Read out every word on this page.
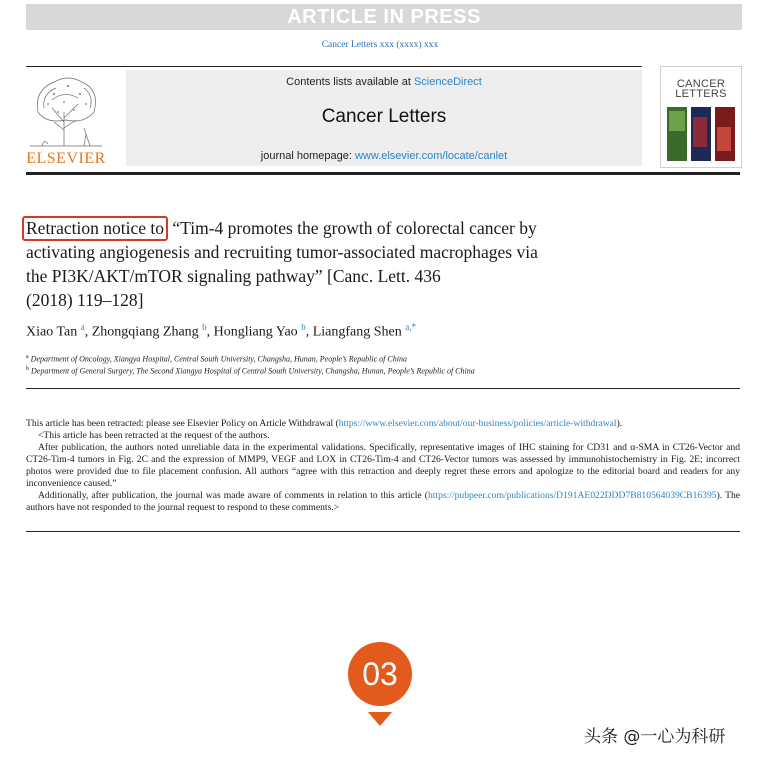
ARTICLE IN PRESS
Cancer Letters xxx (xxxx) xxx
ELSEVIER
Contents lists available at ScienceDirect
Cancer Letters
journal homepage: www.elsevier.com/locate/canlet
CANCER
LETTERS
Retraction notice to “Tim-4 promotes the growth of colorectal cancer by
activating angiogenesis and recruiting tumor-associated macrophages via
the PI3K/AKT/mTOR signaling pathway” [Canc. Lett. 436
(2018) 119–128]
Xiao Tan $^a$, Zhongqiang Zhang $^b$, Hongliang Yao $^b$, Liangfang Shen $^{a,*}$
$^a$ Department of Oncology, Xiangya Hospital, Central South University, Changsha, Hunan, People’s Republic of China
$^b$ Department of General Surgery, The Second Xiangya Hospital of Central South University, Changsha, Hunan, People’s Republic of China

This article has been retracted: please see Elsevier Policy on Article Withdrawal (https://www.elsevier.com/about/our-business/policies/article-withdrawal).

<This article has been retracted at the request of the authors.

After publication, the authors noted unreliable data in the experimental validations. Specifically, representative images of IHC staining for CD31 and α-SMA in CT26-Vector and CT26-Tim-4 tumors in Fig. 2C and the expression of MMP9, VEGF and LOX in CT26-Tim-4 and CT26-Vector tumors was assessed by immunohistochemistry in Fig. 2E; incorrect photos were provided due to file placement confusion. All authors “agree with this retraction and deeply regret these errors and apologize to the editorial board and readers for any inconvenience caused.”

Additionally, after publication, the journal was made aware of comments in relation to this article (https://pubpeer.com/publications/D191AE022DDD7B810564039CB16395). The authors have not responded to the journal request to respond to these comments.>

03
头条 @一心为科研
